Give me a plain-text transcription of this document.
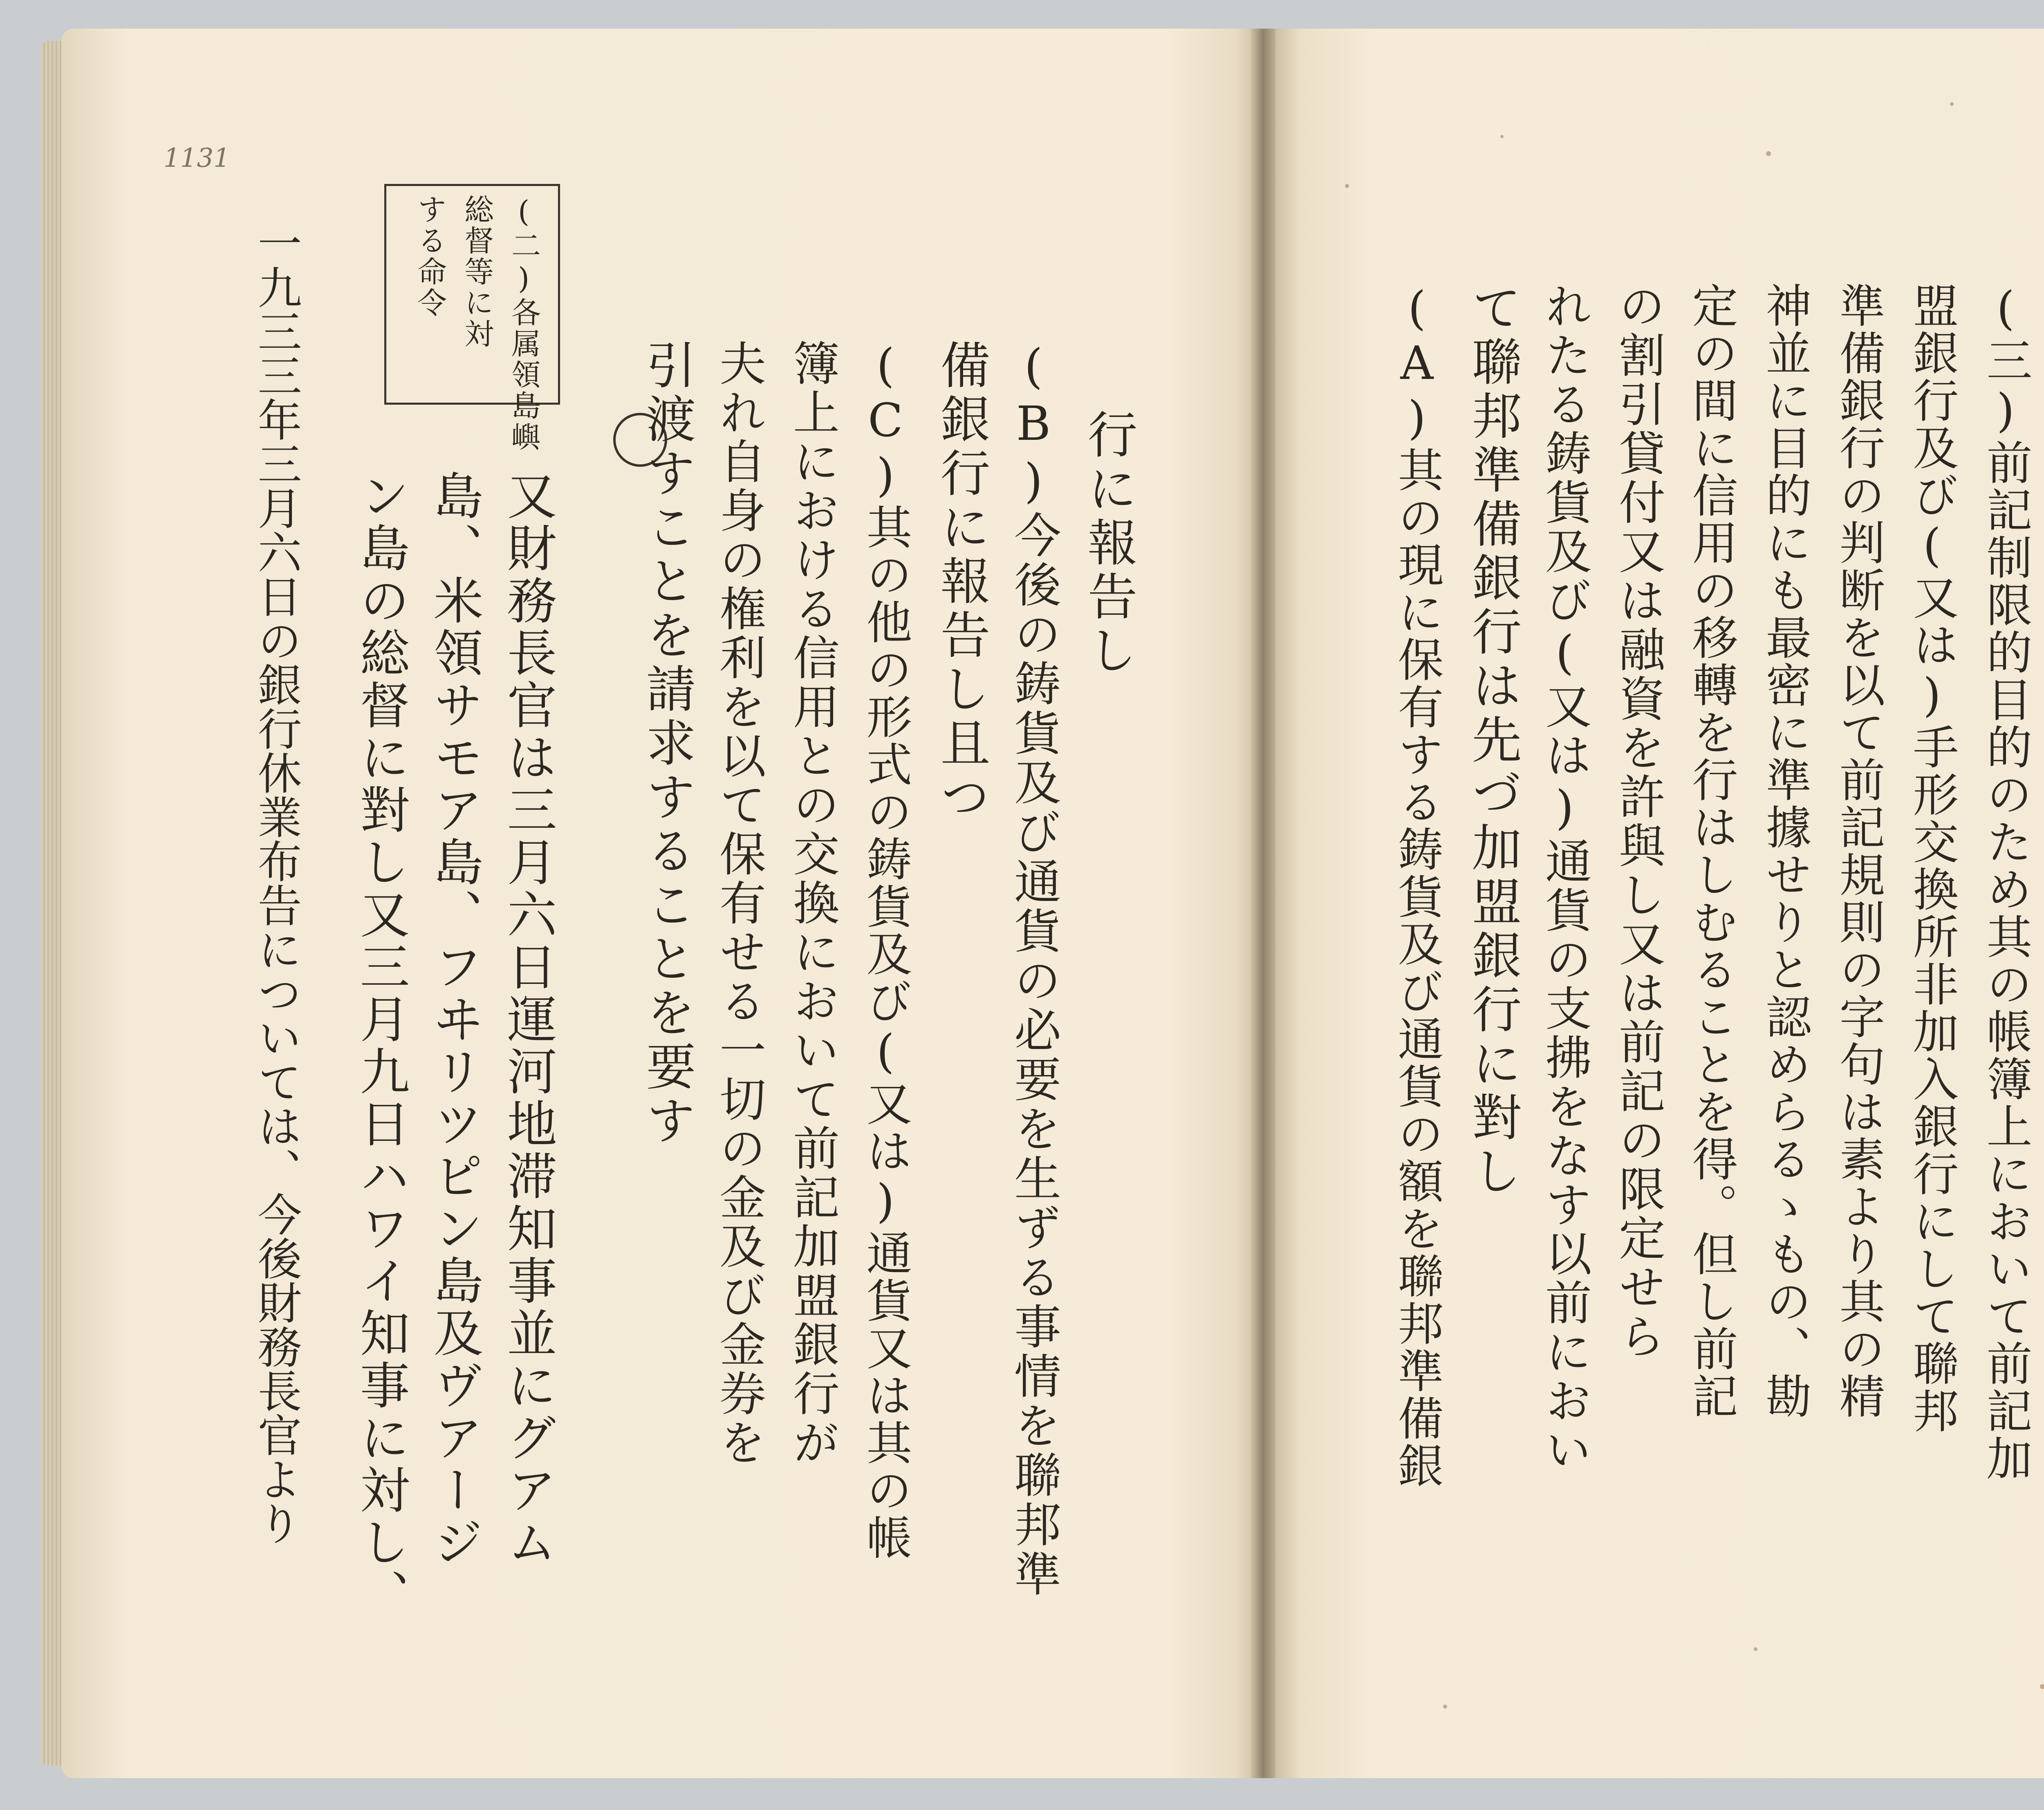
1131
(二)各属領島嶼
総督等に対
する命令
行に報告し
(B)今後の鋳貨及び通貨の必要を生ずる事情を聯邦準
備銀行に報告し且つ
(C)其の他の形式の鋳貨及び(又は)通貨又は其の帳
簿上における信用との交換において前記加盟銀行が
夫れ自身の権利を以て保有せる一切の金及び金券を
引渡すことを請求することを要す
又財務長官は三月六日運河地滞知事並にグアム
島、米領サモア島、フヰリツピン島及ヴアージ
ン島の総督に對し又三月九日ハワイ知事に対し、
一九三三年三月六日の銀行休業布告については、今後財務長官より	(三)前記制限的目的のため其の帳簿上において前記加
盟銀行及び(又は)手形交換所非加入銀行にして聯邦
準備銀行の判断を以て前記規則の字句は素より其の精
神並に目的にも最密に準據せりと認めらるゝもの、勘
定の間に信用の移轉を行はしむることを得。但し前記
の割引貸付又は融資を許與し又は前記の限定せら
れたる鋳貨及び(又は)通貨の支拂をなす以前におい
て聯邦準備銀行は先づ加盟銀行に對し
(A)其の現に保有する鋳貨及び通貨の額を聯邦準備銀
